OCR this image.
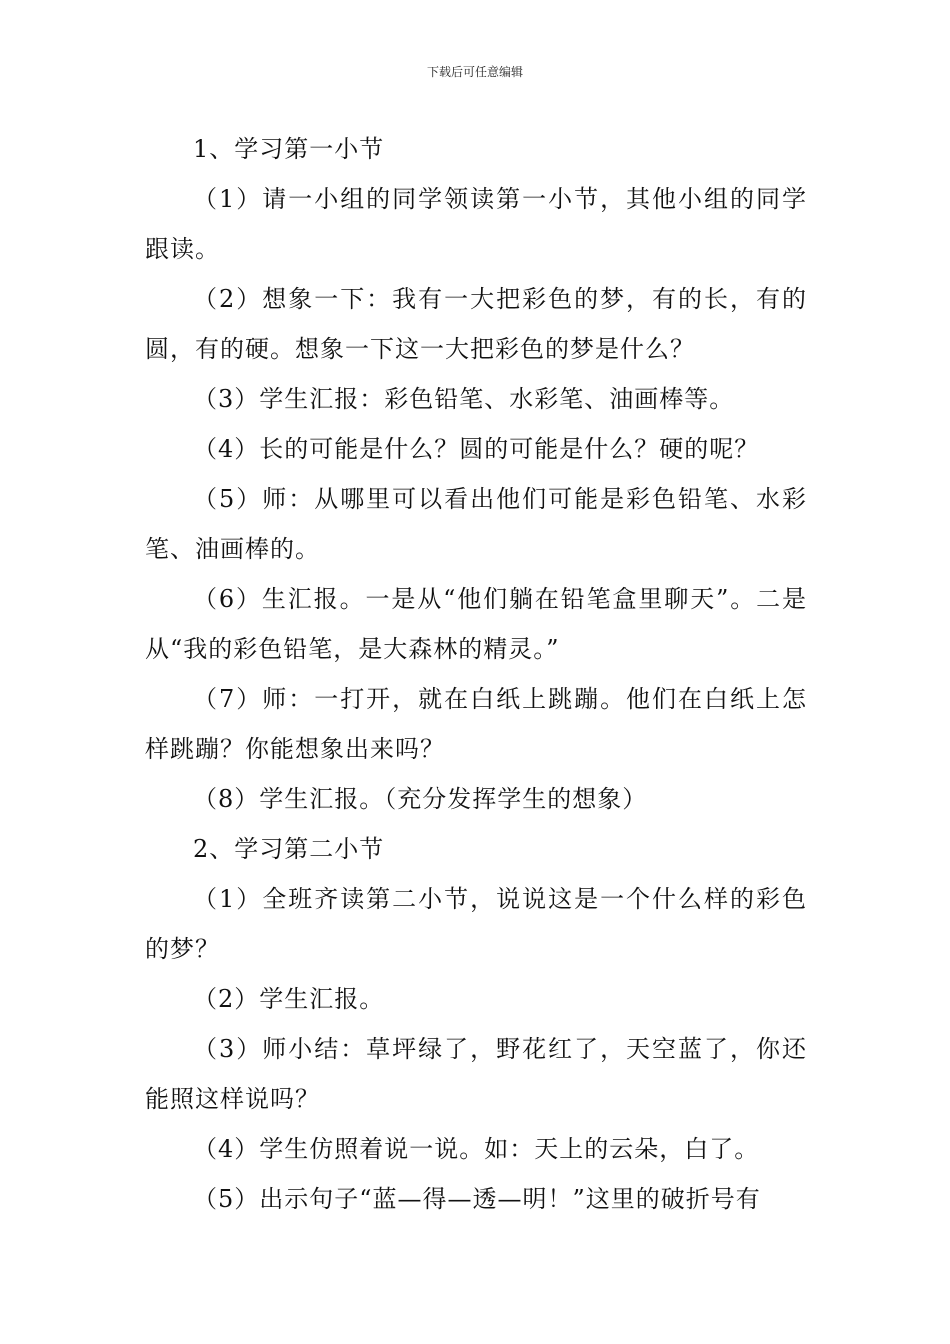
下载后可任意编辑

1、学习第一小节

（1）请一小组的同学领读第一小节，其他小组的同学跟读。

（2）想象一下：我有一大把彩色的梦，有的长，有的圆，有的硬。想象一下这一大把彩色的梦是什么？

（3）学生汇报：彩色铅笔、水彩笔、油画棒等。

（4）长的可能是什么？圆的可能是什么？硬的呢？

（5）师：从哪里可以看出他们可能是彩色铅笔、水彩笔、油画棒的。

（6）生汇报。一是从“他们躺在铅笔盒里聊天”。二是从“我的彩色铅笔，是大森林的精灵。”

（7）师：一打开，就在白纸上跳蹦。他们在白纸上怎样跳蹦？你能想象出来吗？

（8）学生汇报。（充分发挥学生的想象）

2、学习第二小节

（1）全班齐读第二小节，说说这是一个什么样的彩色的梦？

（2）学生汇报。

（3）师小结：草坪绿了，野花红了，天空蓝了，你还能照这样说吗？

（4）学生仿照着说一说。如：天上的云朵，白了。

（5）出示句子“蓝—得—透—明！”这里的破折号有
